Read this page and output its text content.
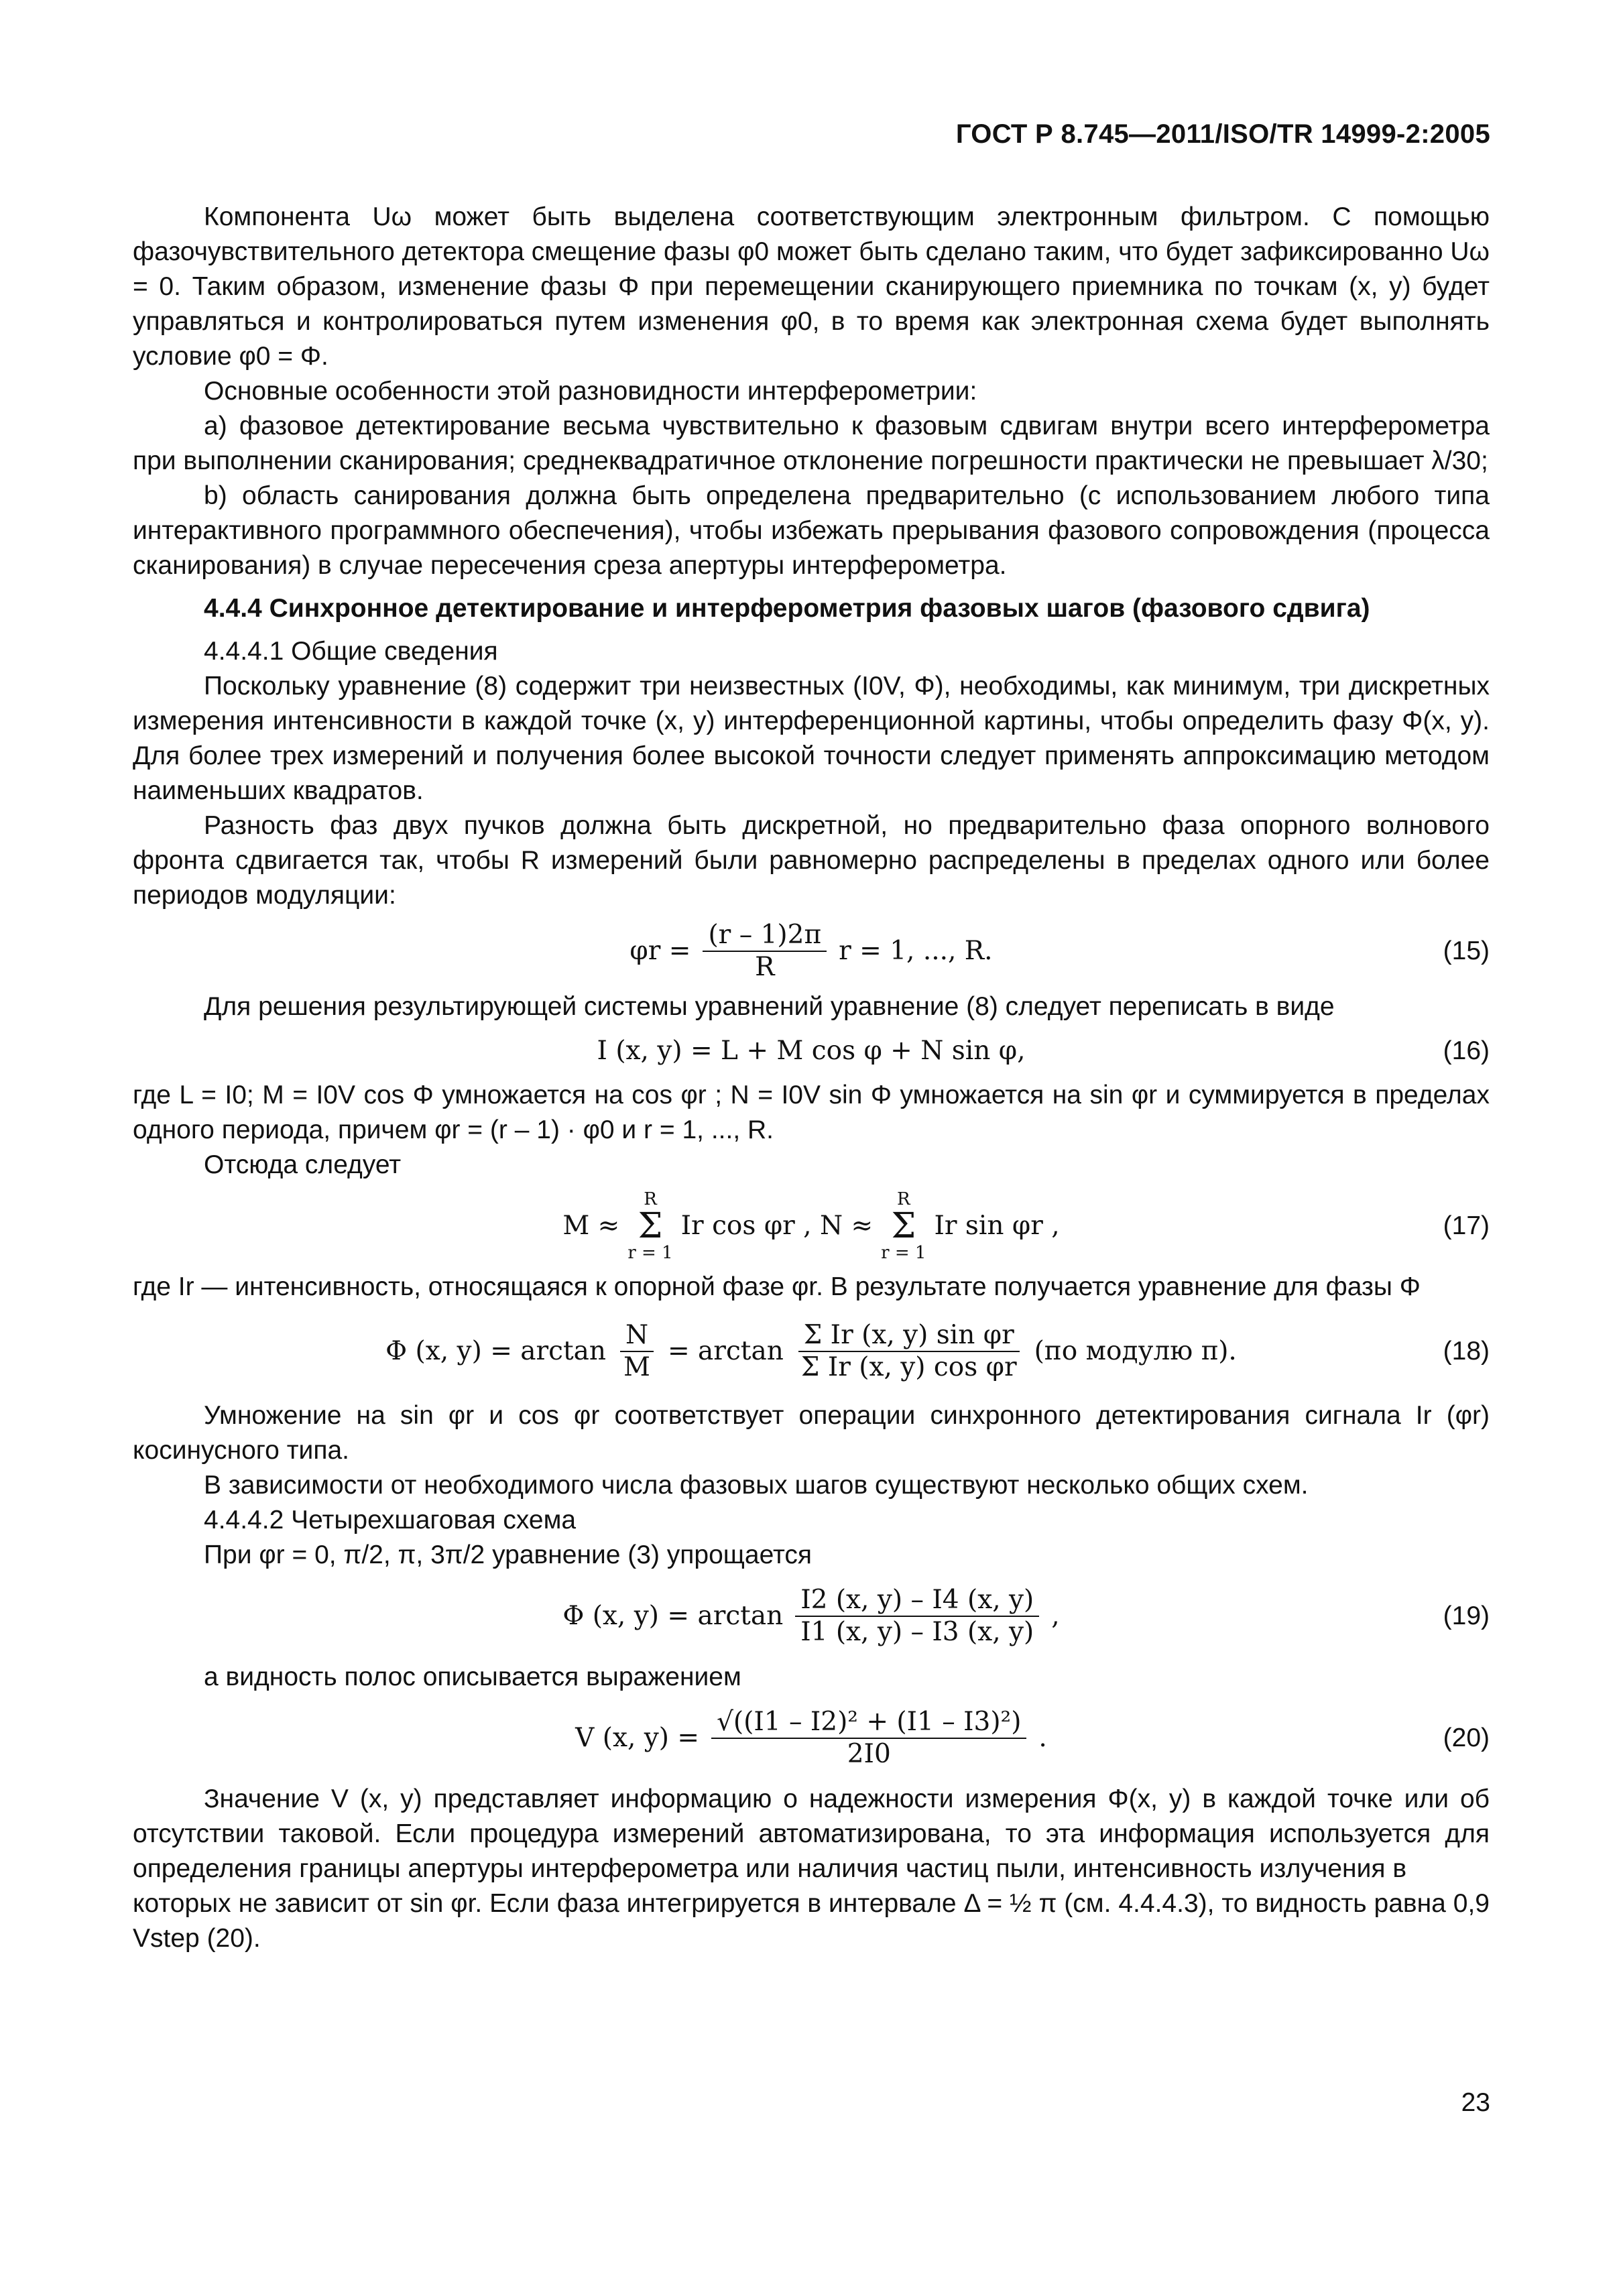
ГОСТ Р 8.745—2011/ISO/TR 14999-2:2005

Компонента Uω может быть выделена соответствующим электронным фильтром. С помощью фазочувствительного детектора смещение фазы φ0 может быть сделано таким, что будет зафиксированно Uω = 0. Таким образом, изменение фазы Φ при перемещении сканирующего приемника по точкам (x, y) будет управляться и контролироваться путем изменения φ0, в то время как электронная схема будет выполнять условие φ0 = Φ.

Основные особенности этой разновидности интерферометрии:

a) фазовое детектирование весьма чувствительно к фазовым сдвигам внутри всего интерферометра при выполнении сканирования; среднеквадратичное отклонение погрешности практически не превышает λ/30;

b) область санирования должна быть определена предварительно (с использованием любого типа интерактивного программного обеспечения), чтобы избежать прерывания фазового сопровождения (процесса сканирования) в случае пересечения среза апертуры интерферометра.

4.4.4 Синхронное детектирование и интерферометрия фазовых шагов (фазового сдвига)

4.4.4.1 Общие сведения

Поскольку уравнение (8) содержит три неизвестных (I0V, Φ), необходимы, как минимум, три дискретных измерения интенсивности в каждой точке (x, y) интерференционной картины, чтобы определить фазу Φ(x, y). Для более трех измерений и получения более высокой точности следует применять аппроксимацию методом наименьших квадратов.

Разность фаз двух пучков должна быть дискретной, но предварительно фаза опорного волнового фронта сдвигается так, чтобы R измерений были равномерно распределены в пределах одного или более периодов модуляции:

$\varphi r = \frac{(r - 1)2\pi}{R}$ r = 1, ..., R.	(15)

Для решения результирующей системы уравнений уравнение (8) следует переписать в виде

I (x, y) = L + M cos φ + N sin φ,	(16)

где L = I0; M = I0V cos Φ умножается на cos φr ; N = I0V sin Φ умножается на sin φr и суммируется в пределах одного периода, причем φr = (r – 1) · φ0 и r = 1, ..., R.

Отсюда следует

M ≈
R
Σ
r = 1
Ir cos φr , N ≈
R
Σ
r = 1
Ir sin φr ,	(17)

где Ir — интенсивность, относящаяся к опорной фазе φr. В результате получается уравнение для фазы Φ

Φ (x, $y) = \arctan \frac{N}{M} = \arctan \frac{\text{Σ Ir (x, y) sin φr}}{\text{Σ Ir (x, y) cos φr}} (по$ модулю π).	(18)

Умножение на sin φr и cos φr соответствует операции синхронного детектирования сигнала Ir (φr) косинусного типа.

В зависимости от необходимого числа фазовых шагов существуют несколько общих схем.

4.4.4.2 Четырехшаговая схема

При φr = 0, π/2, π, 3π/2 уравнение (3) упрощается

Φ (x, $y) = \arctan \frac{I2 (x, y) - I4 (x, y)}{I1 (x, y) - I3 (x, y)}$ ,	(19)

а видность полос описывается выражением

V (x, $y) = \frac{\text{√((I1 – I2)² + (I1 – I3)²)}}{2I0}$ .	(20)

Значение V (x, y) представляет информацию о надежности измерения Φ(x, y) в каждой точке или об отсутствии таковой. Если процедура измерений автоматизирована, то эта информация используется для определения границы апертуры интерферометра или наличия частиц пыли, интенсивность излучения в

которых не зависит от sin φr. Если фаза интегрируется в интервале Δ = ½ π (см. 4.4.4.3), то видность равна 0,9 Vstep (20).

23
